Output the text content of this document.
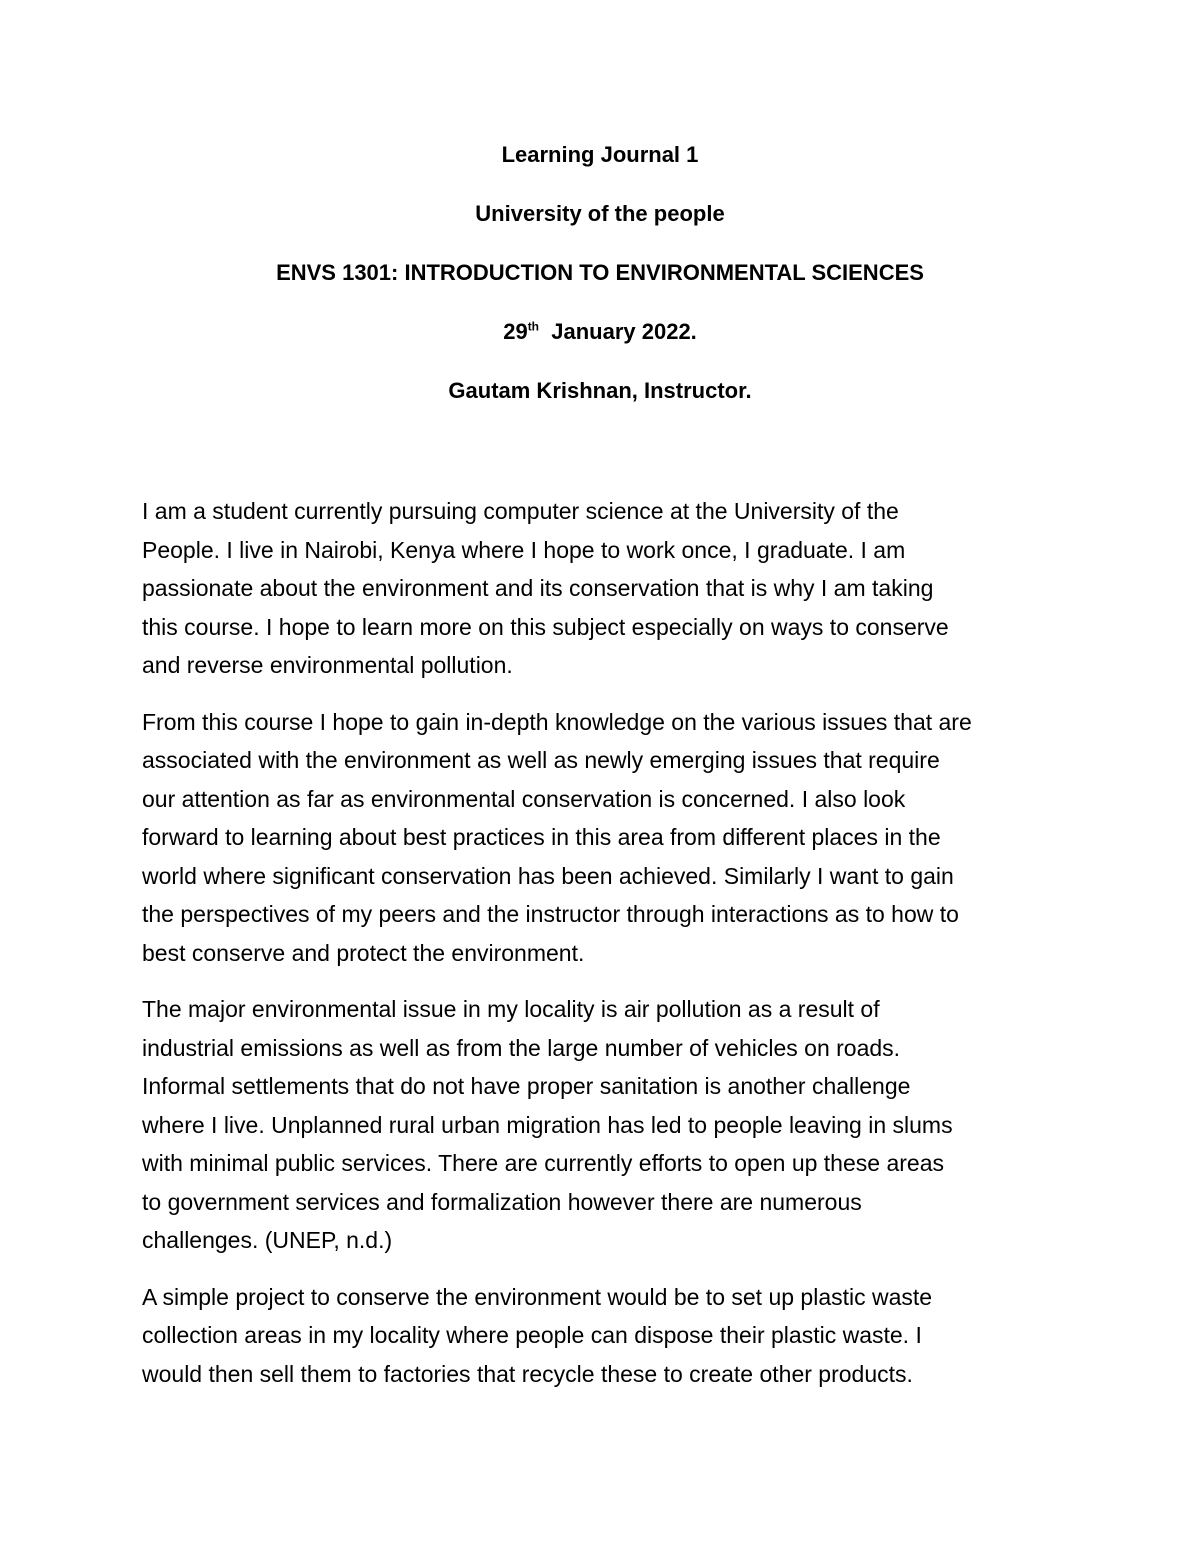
Learning Journal 1
University of the people
ENVS 1301: INTRODUCTION TO ENVIRONMENTAL SCIENCES
29th  January 2022.
Gautam Krishnan, Instructor.

I am a student currently pursuing computer science at the University of the
People. I live in Nairobi, Kenya where I hope to work once, I graduate. I am
passionate about the environment and its conservation that is why I am taking
this course. I hope to learn more on this subject especially on ways to conserve
and reverse environmental pollution.

From this course I hope to gain in-depth knowledge on the various issues that are
associated with the environment as well as newly emerging issues that require
our attention as far as environmental conservation is concerned. I also look
forward to learning about best practices in this area from different places in the
world where significant conservation has been achieved. Similarly I want to gain
the perspectives of my peers and the instructor through interactions as to how to
best conserve and protect the environment.

The major environmental issue in my locality is air pollution as a result of
industrial emissions as well as from the large number of vehicles on roads.
Informal settlements that do not have proper sanitation is another challenge
where I live. Unplanned rural urban migration has led to people leaving in slums
with minimal public services. There are currently efforts to open up these areas
to government services and formalization however there are numerous
challenges. (UNEP, n.d.)

A simple project to conserve the environment would be to set up plastic waste
collection areas in my locality where people can dispose their plastic waste. I
would then sell them to factories that recycle these to create other products.
